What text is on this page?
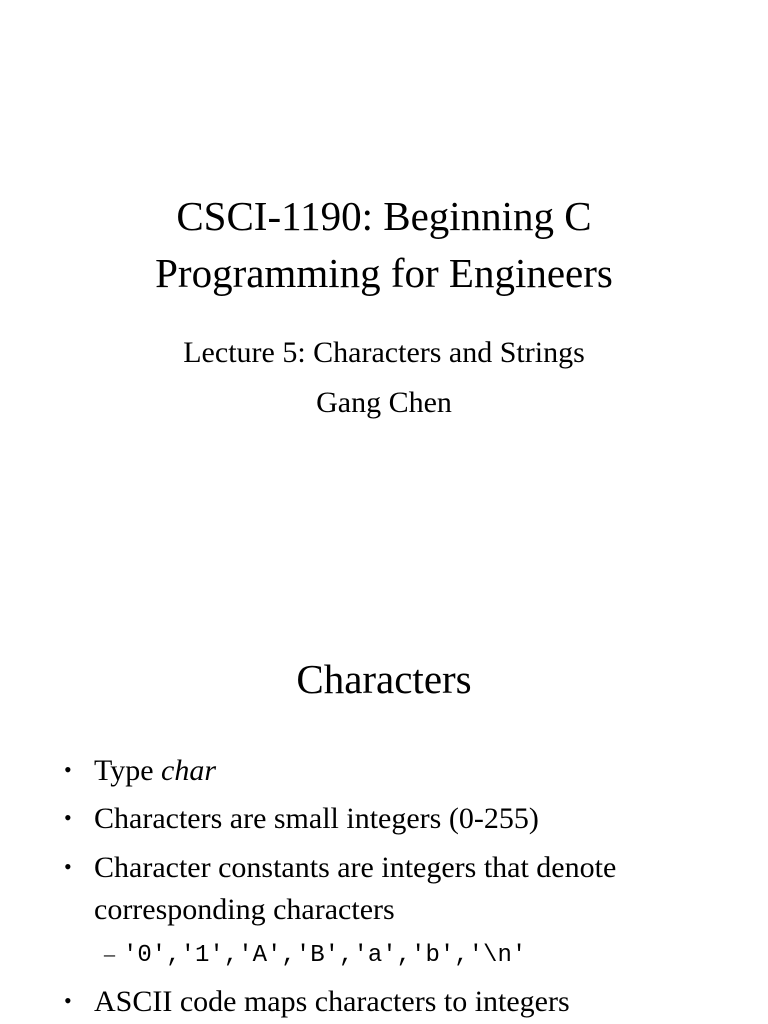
CSCI-1190: Beginning C
Programming for Engineers
Lecture 5: Characters and Strings
Gang Chen
Characters
• Type char
• Characters are small integers (0-255)
• Character constants are integers that denote corresponding characters
– '0','1','A','B','a','b','\n'
• ASCII code maps characters to integers
